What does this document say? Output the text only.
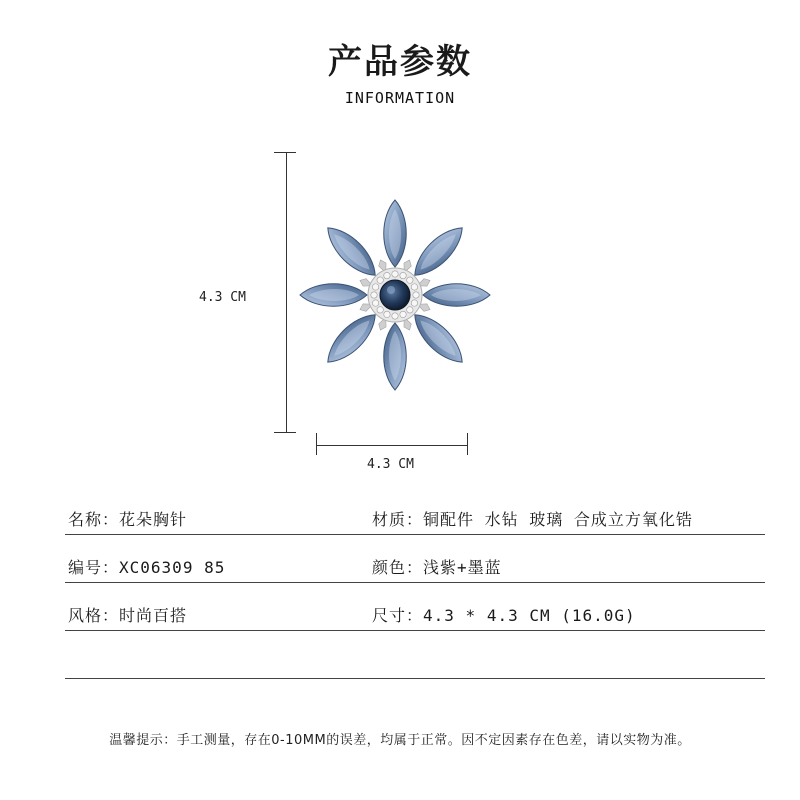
产品参数
INFORMATION
4.3 CM
4.3 CM
名称：花朵胸针	材质：铜配件 水钻 玻璃 合成立方氧化锆
编号：XC06309 85	颜色：浅紫+墨蓝
风格：时尚百搭	尺寸：4.3 * 4.3 CM (16.0G)
温馨提示：手工测量，存在0-10MM的误差，均属于正常。因不定因素存在色差，请以实物为准。
